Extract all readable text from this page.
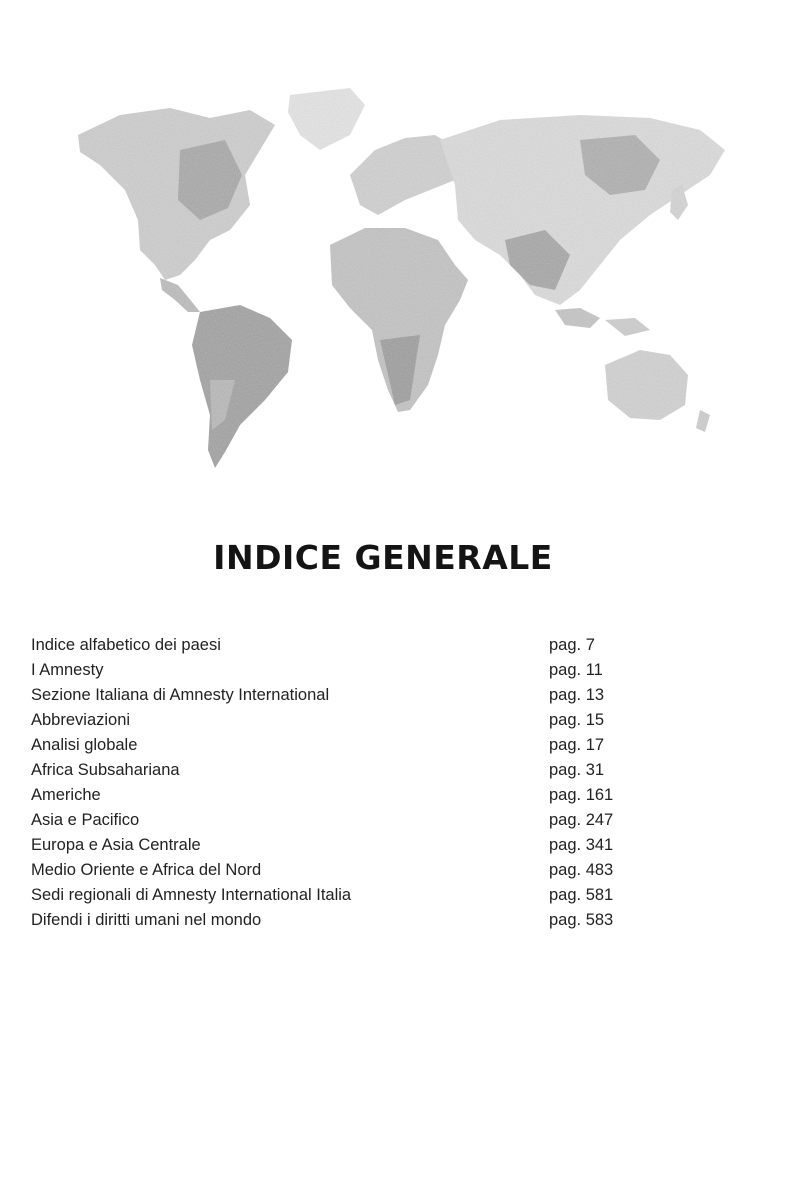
INDICE GENERALE
Indice alfabetico dei paesi	pag. 7
I Amnesty	pag. 11
Sezione Italiana di Amnesty International	pag. 13
Abbreviazioni	pag. 15
Analisi globale	pag. 17
Africa Subsahariana	pag. 31
Americhe	pag. 161
Asia e Pacifico	pag. 247
Europa e Asia Centrale	pag. 341
Medio Oriente e Africa del Nord	pag. 483
Sedi regionali di Amnesty International Italia	pag. 581
Difendi i diritti umani nel mondo	pag. 583
